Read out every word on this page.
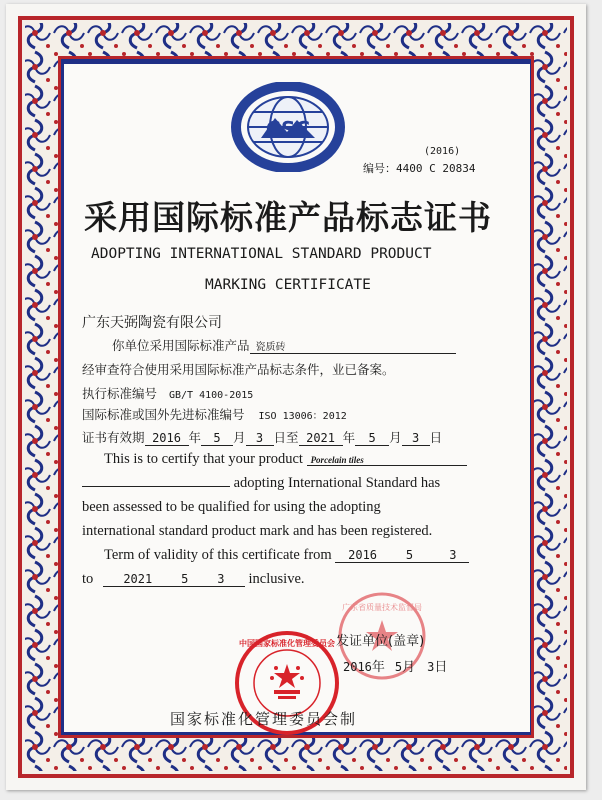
CSC
(2016)
编号：4400 C 20834
采用国际标准产品标志证书
ADOPTING INTERNATIONAL STANDARD PRODUCT
MARKING CERTIFICATE
广东天弼陶瓷有限公司
你单位采用国际标准产品 瓷质砖
经审查符合使用采用国际标准产品标志条件，业已备案。
执行标准编号 GB/T 4100-2015
国际标准或国外先进标准编号 ISO 13006：2012
证书有效期 2016 年 5 月 3 日至 2021 年 5 月 3 日
This is to certify that your product Porcelain tiles
adopting International Standard has
been assessed to be qualified for using the adopting
international standard product mark and has been registered.
Term of validity of this certificate from 2016    5     3
to	2021    5    3 inclusive.
广东省质量技术监督局
发证单位(盖章)
2016年 5月 3日
中国国家标准化管理委员会
国家标准化管理委员会制
